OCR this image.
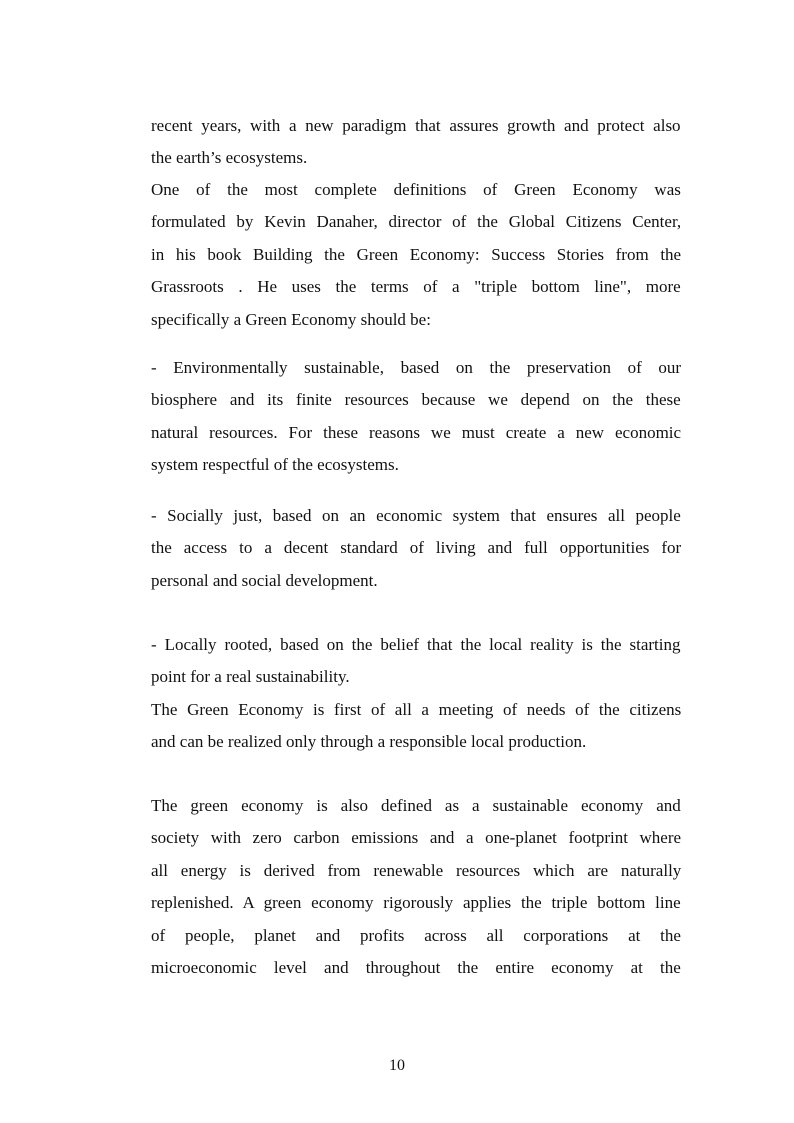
recent years, with a new paradigm that assures growth and protect also
the earth’s ecosystems.
One of the most complete definitions of Green Economy was
formulated by Kevin Danaher, director of the Global Citizens Center,
in his book Building the Green Economy: Success Stories from the
Grassroots . He uses the terms of a "triple bottom line", more
specifically a Green Economy should be:
- Environmentally sustainable, based on the preservation of our
biosphere and its finite resources because we depend on the these
natural resources. For these reasons we must create a new economic
system respectful of the ecosystems.
- Socially just, based on an economic system that ensures all people
the access to a decent standard of living and full opportunities for
personal and social development.
- Locally rooted, based on the belief that the local reality is the starting
point for a real sustainability.
The Green Economy is first of all a meeting of needs of the citizens
and can be realized only through a responsible local production.
The green economy is also defined as a sustainable economy and
society with zero carbon emissions and a one-planet footprint where
all energy is derived from renewable resources which are naturally
replenished. A green economy rigorously applies the triple bottom line
of people, planet and profits across all corporations at the
microeconomic level and throughout the entire economy at the
10
